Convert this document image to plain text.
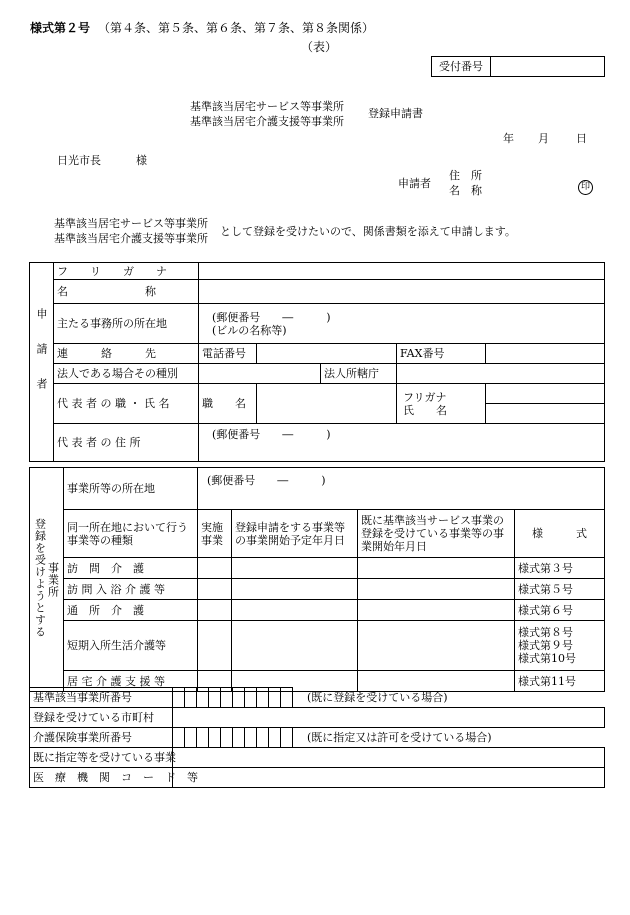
様式第２号 （第４条、第５条、第６条、第７条、第８条関係）
（表）
受付番号	
基準該当居宅サービス等事業所
基準該当居宅介護支援等事業所
登録申請書
年 月 日
日光市長	様
申請者
住　所
名　称	印
基準該当居宅サービス等事業所
基準該当居宅介護支援等事業所
として登録を受けたいので、関係書類を添えて申請します。
申請者	フ　　リ　　ガ　　ナ					
	名　　　　　　　称					
	主たる事務所の所在地	(郵便番号　　―　　　)
(ビルの名称等)				

	連　　　絡　　　先	電話番号			FAX番号	
	法人である場合その種別			法人所轄庁		
	代 表 者 の 職 ・ 氏 名	職　　名			フリガナ
氏　　名	

	代 表 者 の 住 所	(郵便番号　　―　　　)				
登録を受けようとする事業所	事業所等の所在地	(郵便番号　　―　　　)			
	同一所在地において行う事業等の種類	実施事業	登録申請をする事業等の事業開始予定年月日	既に基準該当サービス事業の登録を受けている事業等の事業開始年月日	様　　　式
	訪　問　介　護				様式第３号
	訪 問 入 浴 介 護 等				様式第５号
	通　所　介　護				様式第６号
	短期入所生活介護等				様式第８号
様式第９号
様式第10号

	居 宅 介 護 支 援 等				様式第11号
基準該当事業所番号											(既に登録を受けている場合)
登録を受けている市町村											
介護保険事業所番号											(既に指定又は許可を受けている場合)
既に指定等を受けている事業											
医　療　機　関　コ　ー　ド　等											
